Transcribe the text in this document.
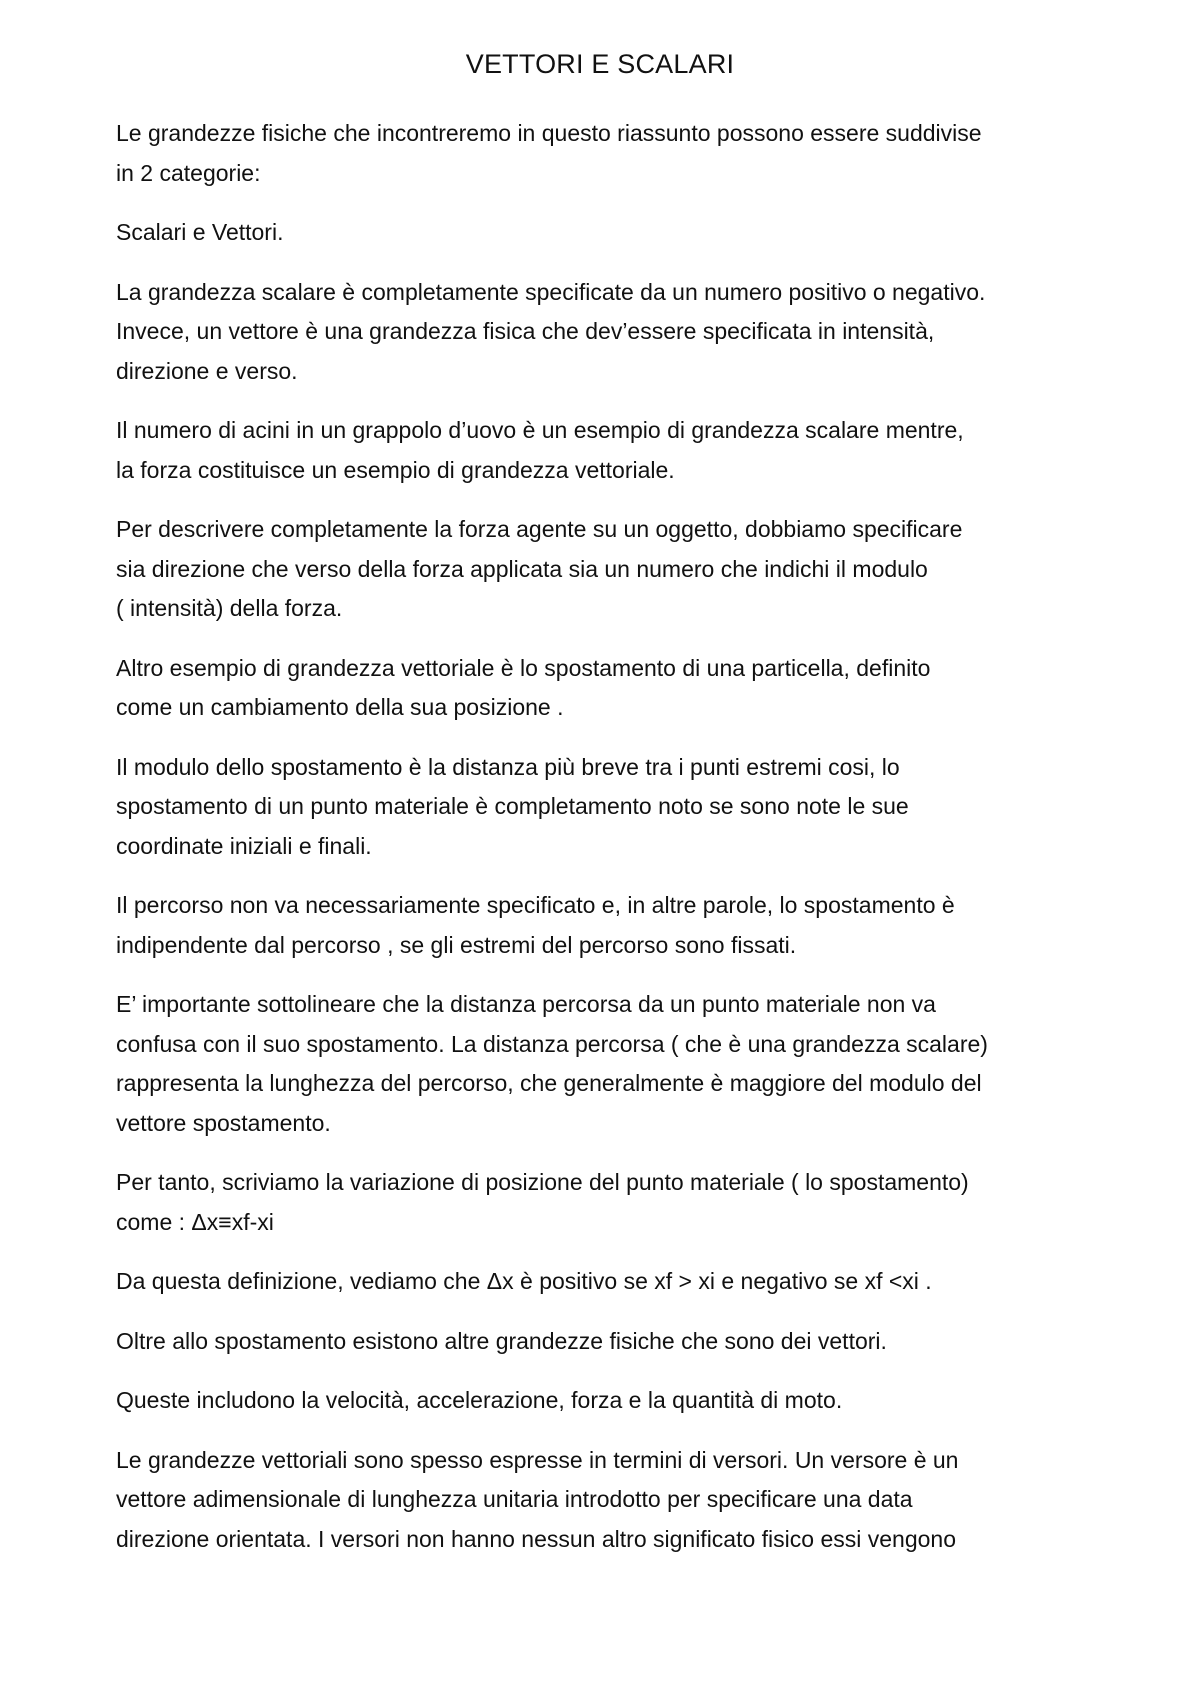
VETTORI E SCALARI

Le grandezze fisiche che incontreremo in questo riassunto possono essere suddivise
in 2 categorie:

Scalari e Vettori.

La grandezza scalare è completamente specificate da un numero positivo o negativo.
Invece, un vettore è una grandezza fisica che dev’essere specificata in intensità,
direzione e verso.

Il numero di acini in un grappolo d’uovo è un esempio di grandezza scalare mentre,
la forza costituisce un esempio di grandezza vettoriale.

Per descrivere completamente la forza agente su un oggetto, dobbiamo specificare
sia direzione che verso della forza applicata sia un numero che indichi il modulo
( intensità) della forza.

Altro esempio di grandezza vettoriale è lo spostamento di una particella, definito
come un cambiamento della sua posizione .

Il modulo dello spostamento è la distanza più breve tra i punti estremi cosi, lo
spostamento di un punto materiale è completamento noto se sono note le sue
coordinate iniziali e finali.

Il percorso non va necessariamente specificato e, in altre parole, lo spostamento è
indipendente dal percorso , se gli estremi del percorso sono fissati.

E’ importante sottolineare che la distanza percorsa da un punto materiale non va
confusa con il suo spostamento. La distanza percorsa ( che è una grandezza scalare)
rappresenta la lunghezza del percorso, che generalmente è maggiore del modulo del
vettore spostamento.

Per tanto, scriviamo la variazione di posizione del punto materiale ( lo spostamento)
come : Δx≡xf-xi

Da questa definizione, vediamo che Δx è positivo se xf > xi e negativo se xf <xi .

Oltre allo spostamento esistono altre grandezze fisiche che sono dei vettori.

Queste includono la velocità, accelerazione, forza e la quantità di moto.

Le grandezze vettoriali sono spesso espresse in termini di versori. Un versore è un
vettore adimensionale di lunghezza unitaria introdotto per specificare una data
direzione orientata. I versori non hanno nessun altro significato fisico essi vengono
